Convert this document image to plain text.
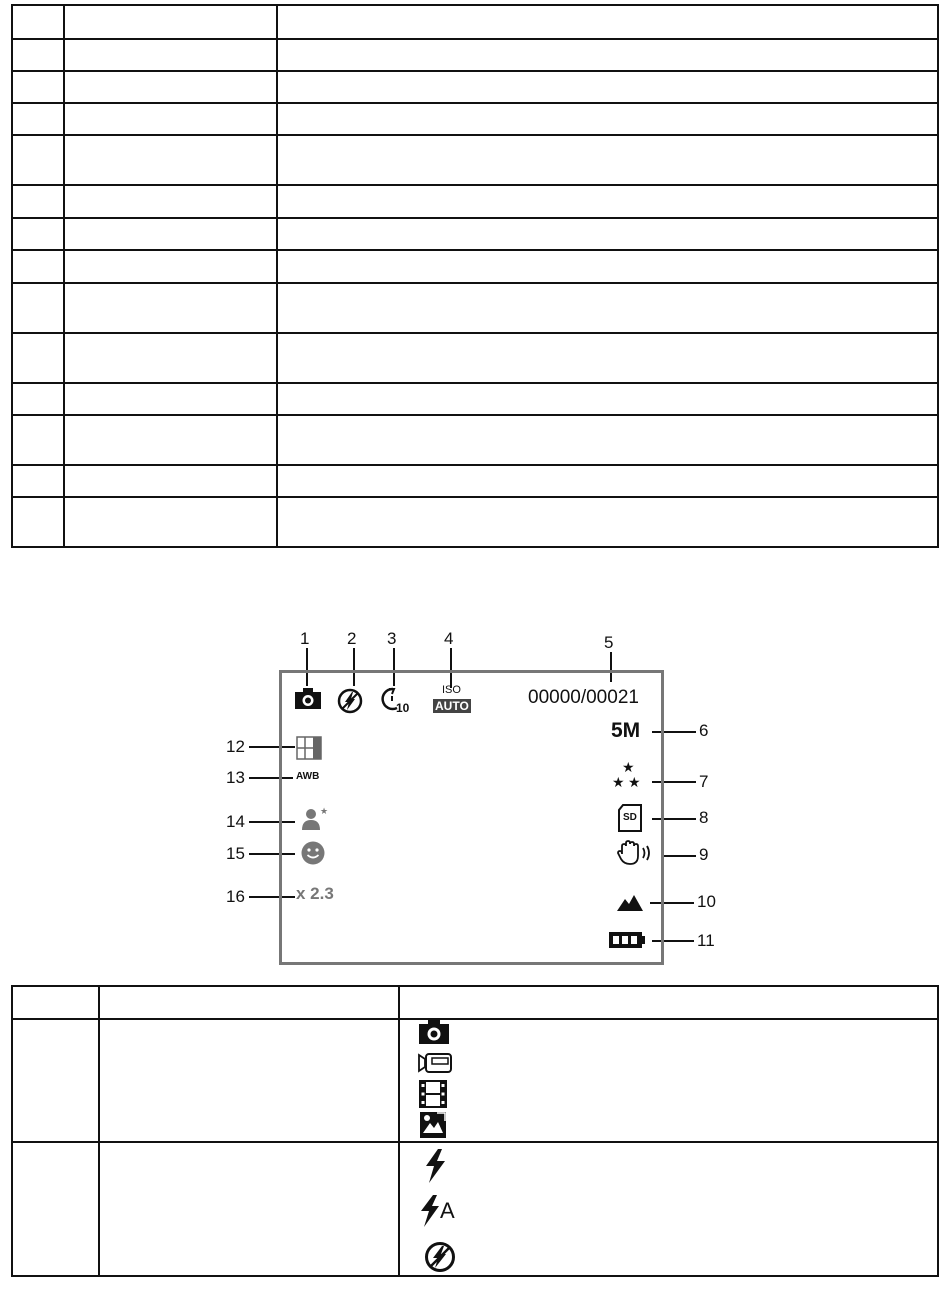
1 2 3	4	5
6
7
8
9
10
11
12
13
14
15
16
10
ISO
AUTO	00000/00021
5M
★
★ ★
SD
AWB
★
x 2.3
A
